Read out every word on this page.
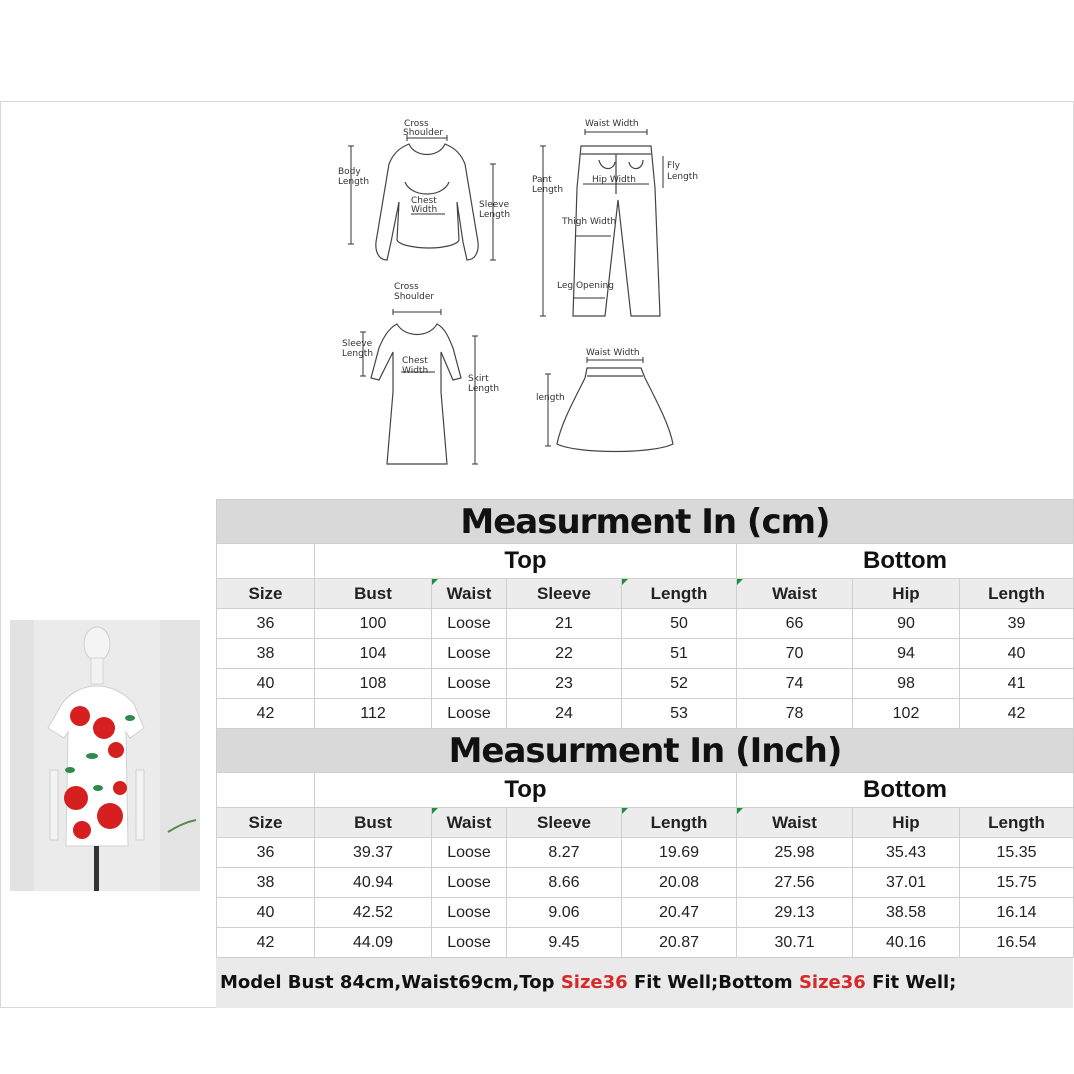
Cross
Shoulder
Body
Length
Chest
Width	Sleeve
Length
Waist Width
Fly
Length
Pant
Length
Hip Width
Thigh Width
Leg Opening
Cross
Shoulder
Sleeve
Length
Chest
Width
Skirt
Length
Waist Width
length
Measurment In (cm)							
	Top				Bottom		
Size	Bust	Waist	Sleeve	Length	Waist	Hip	Length
36	100	Loose	21	50	66	90	39
38	104	Loose	22	51	70	94	40
40	108	Loose	23	52	74	98	41
42	112	Loose	24	53	78	102	42
Measurment In (Inch)							
	Top				Bottom		
Size	Bust	Waist	Sleeve	Length	Waist	Hip	Length
36	39.37	Loose	8.27	19.69	25.98	35.43	15.35
38	40.94	Loose	8.66	20.08	27.56	37.01	15.75
40	42.52	Loose	9.06	20.47	29.13	38.58	16.14
42	44.09	Loose	9.45	20.87	30.71	40.16	16.54
Model Bust 84cm,Waist69cm,Top Size36 Fit Well;Bottom Size36 Fit Well;
